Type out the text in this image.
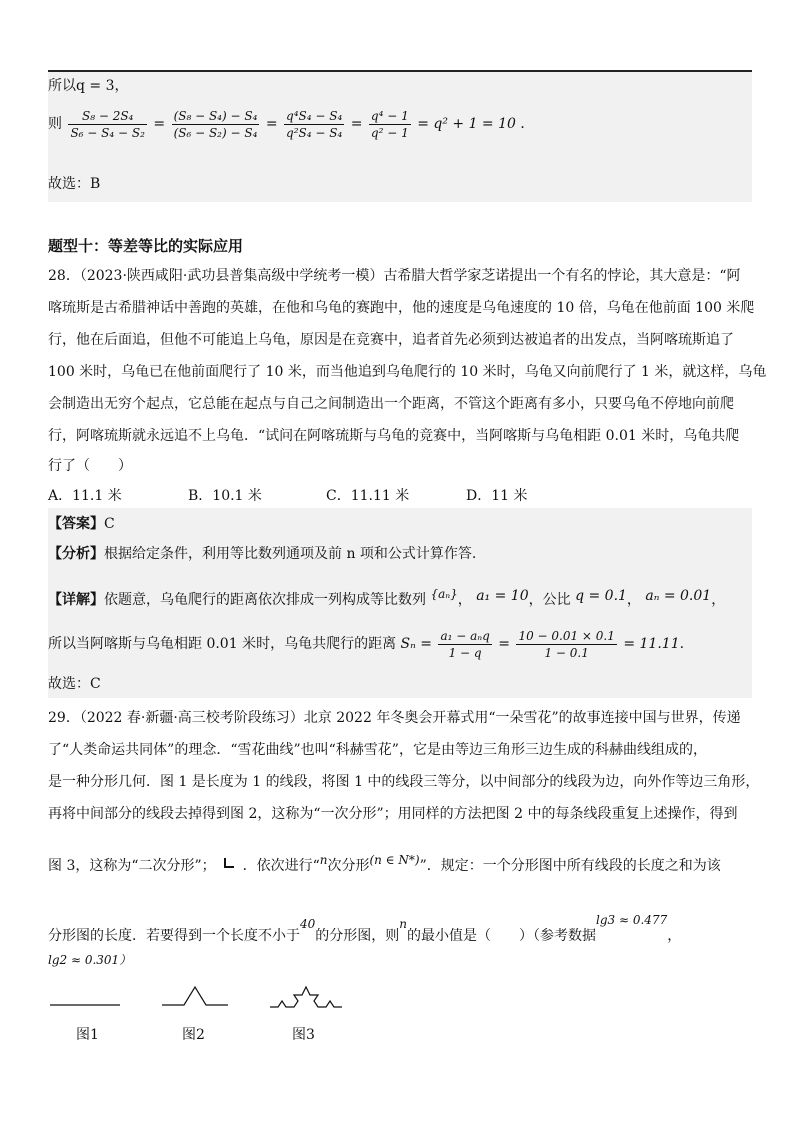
所以q = 3，
则 $\frac{\text{S₈ − 2S₄}}{\text{S₆ − S₄ − S₂}} = \frac{\text{(S₈ − S₄) − S₄}}{\text{(S₆ − S₂) − S₄}} = \frac{\text{q⁴S₄ − S₄}}{\text{q²S₄ − S₄}} = \frac{\text{q⁴ − 1}}{\text{q² − 1}} = q^2 + 1 = 10$ ．
故选：B
题型十：等差等比的实际应用
28．（2023·陕西咸阳·武功县普集高级中学统考一模）古希腊大哲学家芝诺提出一个有名的悖论，其大意是：“阿
喀琉斯是古希腊神话中善跑的英雄，在他和乌龟的赛跑中，他的速度是乌龟速度的 10 倍，乌龟在他前面 100 米爬
行，他在后面追，但他不可能追上乌龟，原因是在竞赛中，追者首先必须到达被追者的出发点，当阿喀琉斯追了
100 米时，乌龟已在他前面爬行了 10 米，而当他追到乌龟爬行的 10 米时，乌龟又向前爬行了 1 米，就这样，乌龟
会制造出无穷个起点，它总能在起点与自己之间制造出一个距离，不管这个距离有多小，只要乌龟不停地向前爬
行，阿喀琉斯就永远追不上乌龟．“试问在阿喀琉斯与乌龟的竞赛中，当阿喀斯与乌龟相距 0.01 米时，乌龟共爬
行了（　　）
A．11.1 米	B．10.1 米	C．11.11 米	D．11 米
【答案】C
【分析】根据给定条件，利用等比数列通项及前 n 项和公式计算作答.
【详解】依题意，乌龟爬行的距离依次排成一列构成等比数列 {aₙ}， a₁ = 10，公比 q = 0.1， aₙ = 0.01，
所以当阿喀斯与乌龟相距 0.01 米时，乌龟共爬行的距离 $S_n = \frac{\text{a₁ − aₙq}}{1 - q} = \frac{10 - 0.01 \times 0.1}{1 - 0.1} = 11.11$.
故选：C
29．（2022 春·新疆·高三校考阶段练习）北京 2022 年冬奥会开幕式用“一朵雪花”的故事连接中国与世界，传递
了“人类命运共同体”的理念．“雪花曲线”也叫“科赫雪花”，它是由等边三角形三边生成的科赫曲线组成的，
是一种分形几何．图 1 是长度为 1 的线段，将图 1 中的线段三等分，以中间部分的线段为边，向外作等边三角形，
再将中间部分的线段去掉得到图 2，这称为“一次分形”；用同样的方法把图 2 中的每条线段重复上述操作，得到
图 3，这称为“二次分形”； ．依次进行“n次分形(n ∈ N*)”．规定：一个分形图中所有线段的长度之和为该
分形图的长度．若要得到一个长度不小于40的分形图，则n的最小值是（　　）（参考数据lg3 ≈ 0.477，
lg2 ≈ 0.301）
图1	图2	图3
